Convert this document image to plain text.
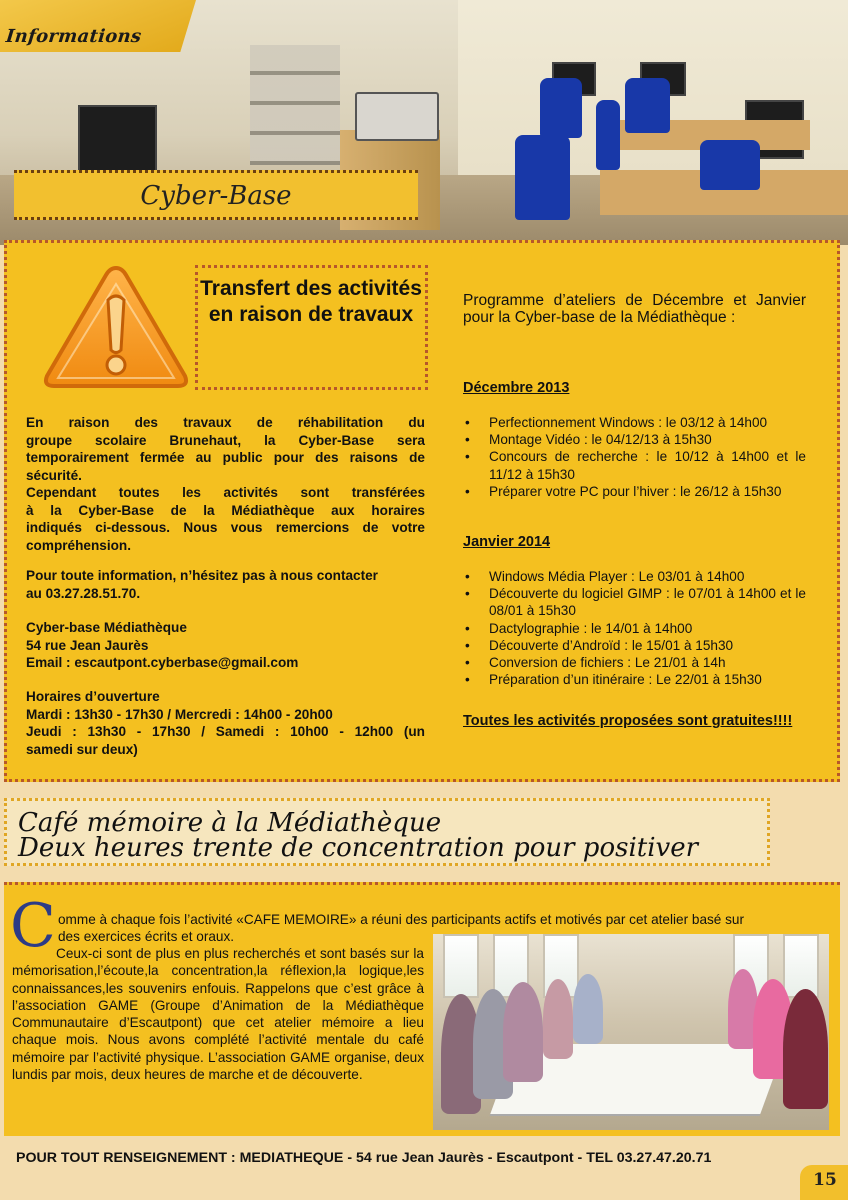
Informations
Cyber-Base
Transfert des activités en raison de travaux
En raison des travaux de réhabilitation du
groupe scolaire Brunehaut, la Cyber-Base sera
temporairement fermée au public pour des raisons de
sécurité.
Cependant toutes les activités sont transférées
à la Cyber-Base de la Médiathèque aux horaires
indiqués ci-dessous. Nous vous remercions de votre
compréhension.
Pour toute information, n’hésitez pas à nous contacter
au 03.27.28.51.70.
Cyber-base Médiathèque
54 rue Jean Jaurès
Email : escautpont.cyberbase@gmail.com
Horaires d’ouverture
Mardi : 13h30 - 17h30 / Mercredi : 14h00 - 20h00
Jeudi : 13h30 - 17h30 / Samedi : 10h00 - 12h00 (un
samedi sur deux)
Programme d’ateliers de Décembre et Janvier pour la Cyber-base de la Médiathèque :
Décembre 2013
• Perfectionnement Windows : le 03/12 à 14h00
• Montage Vidéo : le 04/12/13 à 15h30
• Concours de recherche : le 10/12 à 14h00 et le 11/12 à 15h30
• Préparer votre PC pour l’hiver : le 26/12 à 15h30
Janvier 2014
• Windows Média Player : Le 03/01 à 14h00
• Découverte du logiciel GIMP : le 07/01 à 14h00 et le 08/01 à 15h30
• Dactylographie : le 14/01 à 14h00
• Découverte d’Androïd : le 15/01 à 15h30
• Conversion de fichiers : Le 21/01 à 14h
• Préparation d’un itinéraire : Le 22/01 à 15h30
Toutes les activités proposées sont gratuites!!!!
Café mémoire à la Médiathèque
Deux heures trente de concentration pour positiver
C omme à chaque fois l’activité «CAFE MEMOIRE» a réuni des participants actifs et motivés par cet atelier basé sur
des exercices écrits et oraux.
Ceux-ci sont de plus en plus recherchés et sont basés sur la mémorisation,l’écoute,la concentration,la réflexion,la logique,les connaissances,les souvenirs enfouis. Rappelons que c’est grâce à l’association GAME (Groupe d’Animation de la Médiathèque Communautaire d’Escautpont) que cet atelier mémoire a lieu chaque mois. Nous avons complété l’activité mentale du café mémoire par l’activité physique. L’association GAME organise, deux lundis par mois, deux heures de marche et de découverte.
POUR TOUT RENSEIGNEMENT : MEDIATHEQUE - 54 rue Jean Jaurès - Escautpont - TEL 03.27.47.20.71
15
